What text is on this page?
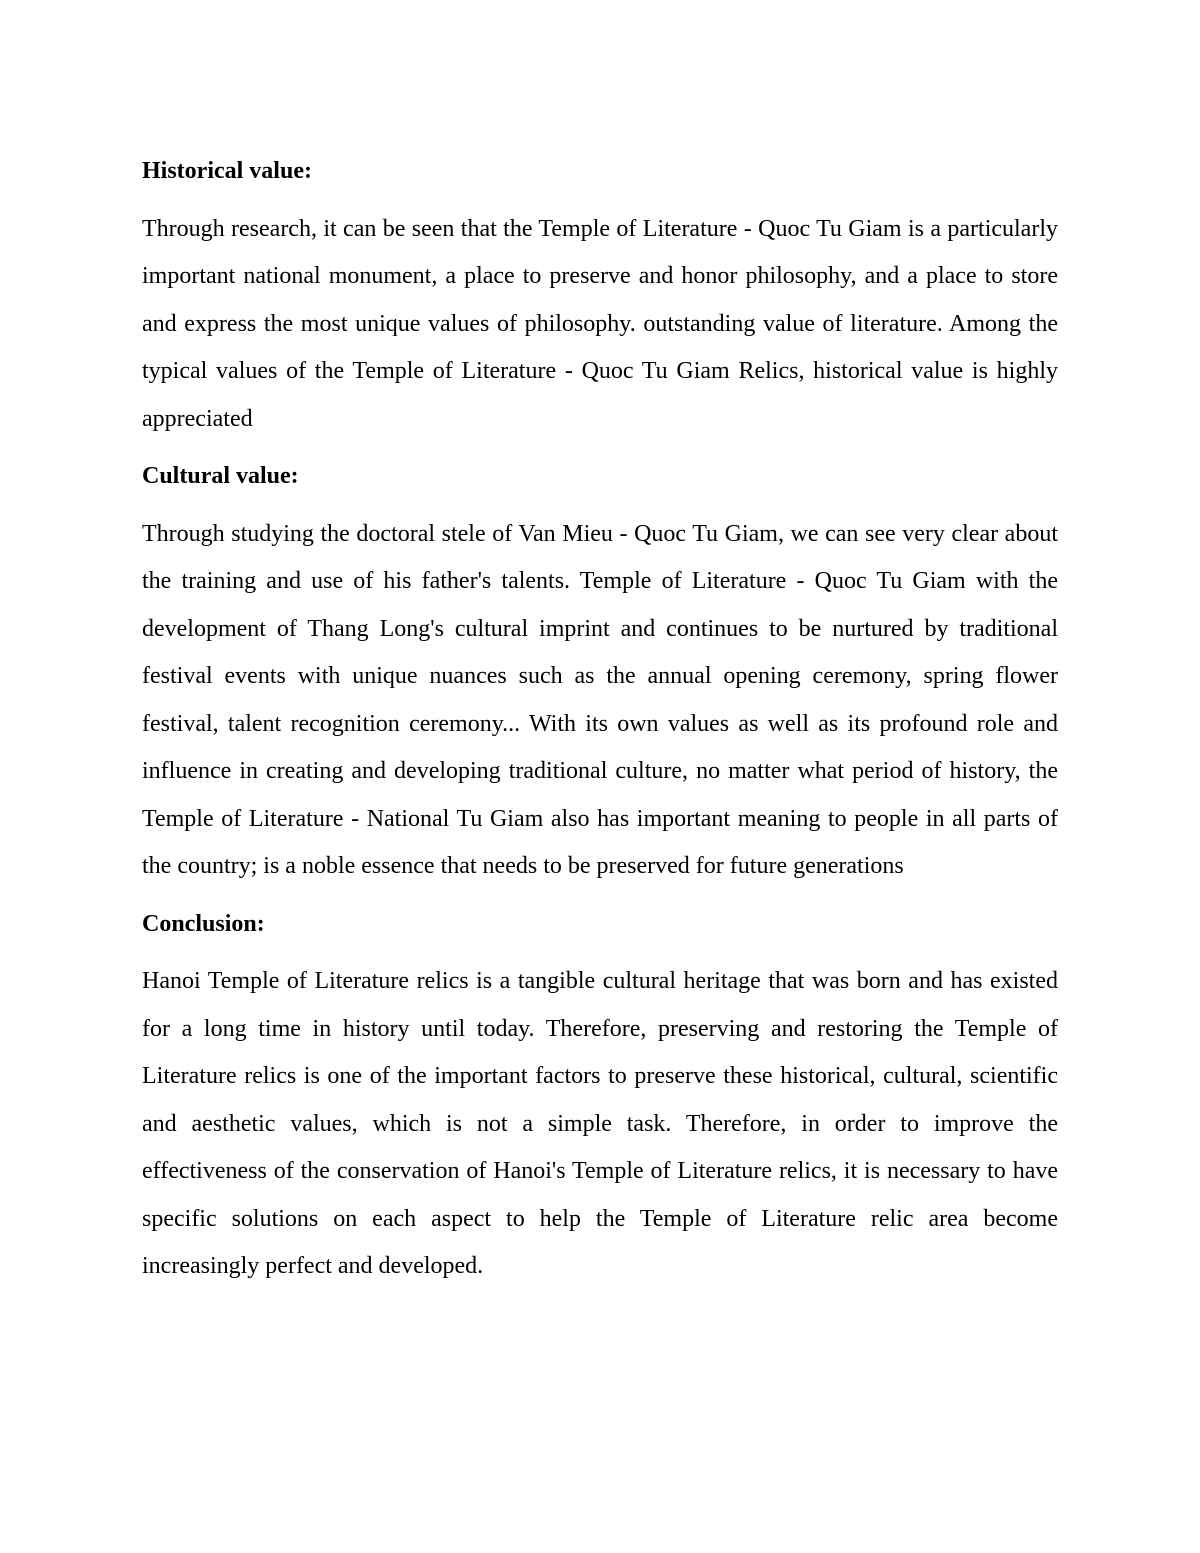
Historical value:
Through research, it can be seen that the Temple of Literature - Quoc Tu Giam is a particularly important national monument, a place to preserve and honor philosophy, and a place to store and express the most unique values of philosophy. outstanding value of literature. Among the typical values of the Temple of Literature - Quoc Tu Giam Relics, historical value is highly appreciated
Cultural value:
Through studying the doctoral stele of Van Mieu - Quoc Tu Giam, we can see very clear about the training and use of his father's talents. Temple of Literature - Quoc Tu Giam with the development of Thang Long's cultural imprint and continues to be nurtured by traditional festival events with unique nuances such as the annual opening ceremony, spring flower festival, talent recognition ceremony... With its own values as well as its profound role and influence in creating and developing traditional culture, no matter what period of history, the Temple of Literature - National Tu Giam also has important meaning to people in all parts of the country; is a noble essence that needs to be preserved for future generations
Conclusion:
Hanoi Temple of Literature relics is a tangible cultural heritage that was born and has existed for a long time in history until today. Therefore, preserving and restoring the Temple of Literature relics is one of the important factors to preserve these historical, cultural, scientific and aesthetic values, which is not a simple task. Therefore, in order to improve the effectiveness of the conservation of Hanoi's Temple of Literature relics, it is necessary to have specific solutions on each aspect to help the Temple of Literature relic area become increasingly perfect and developed.
